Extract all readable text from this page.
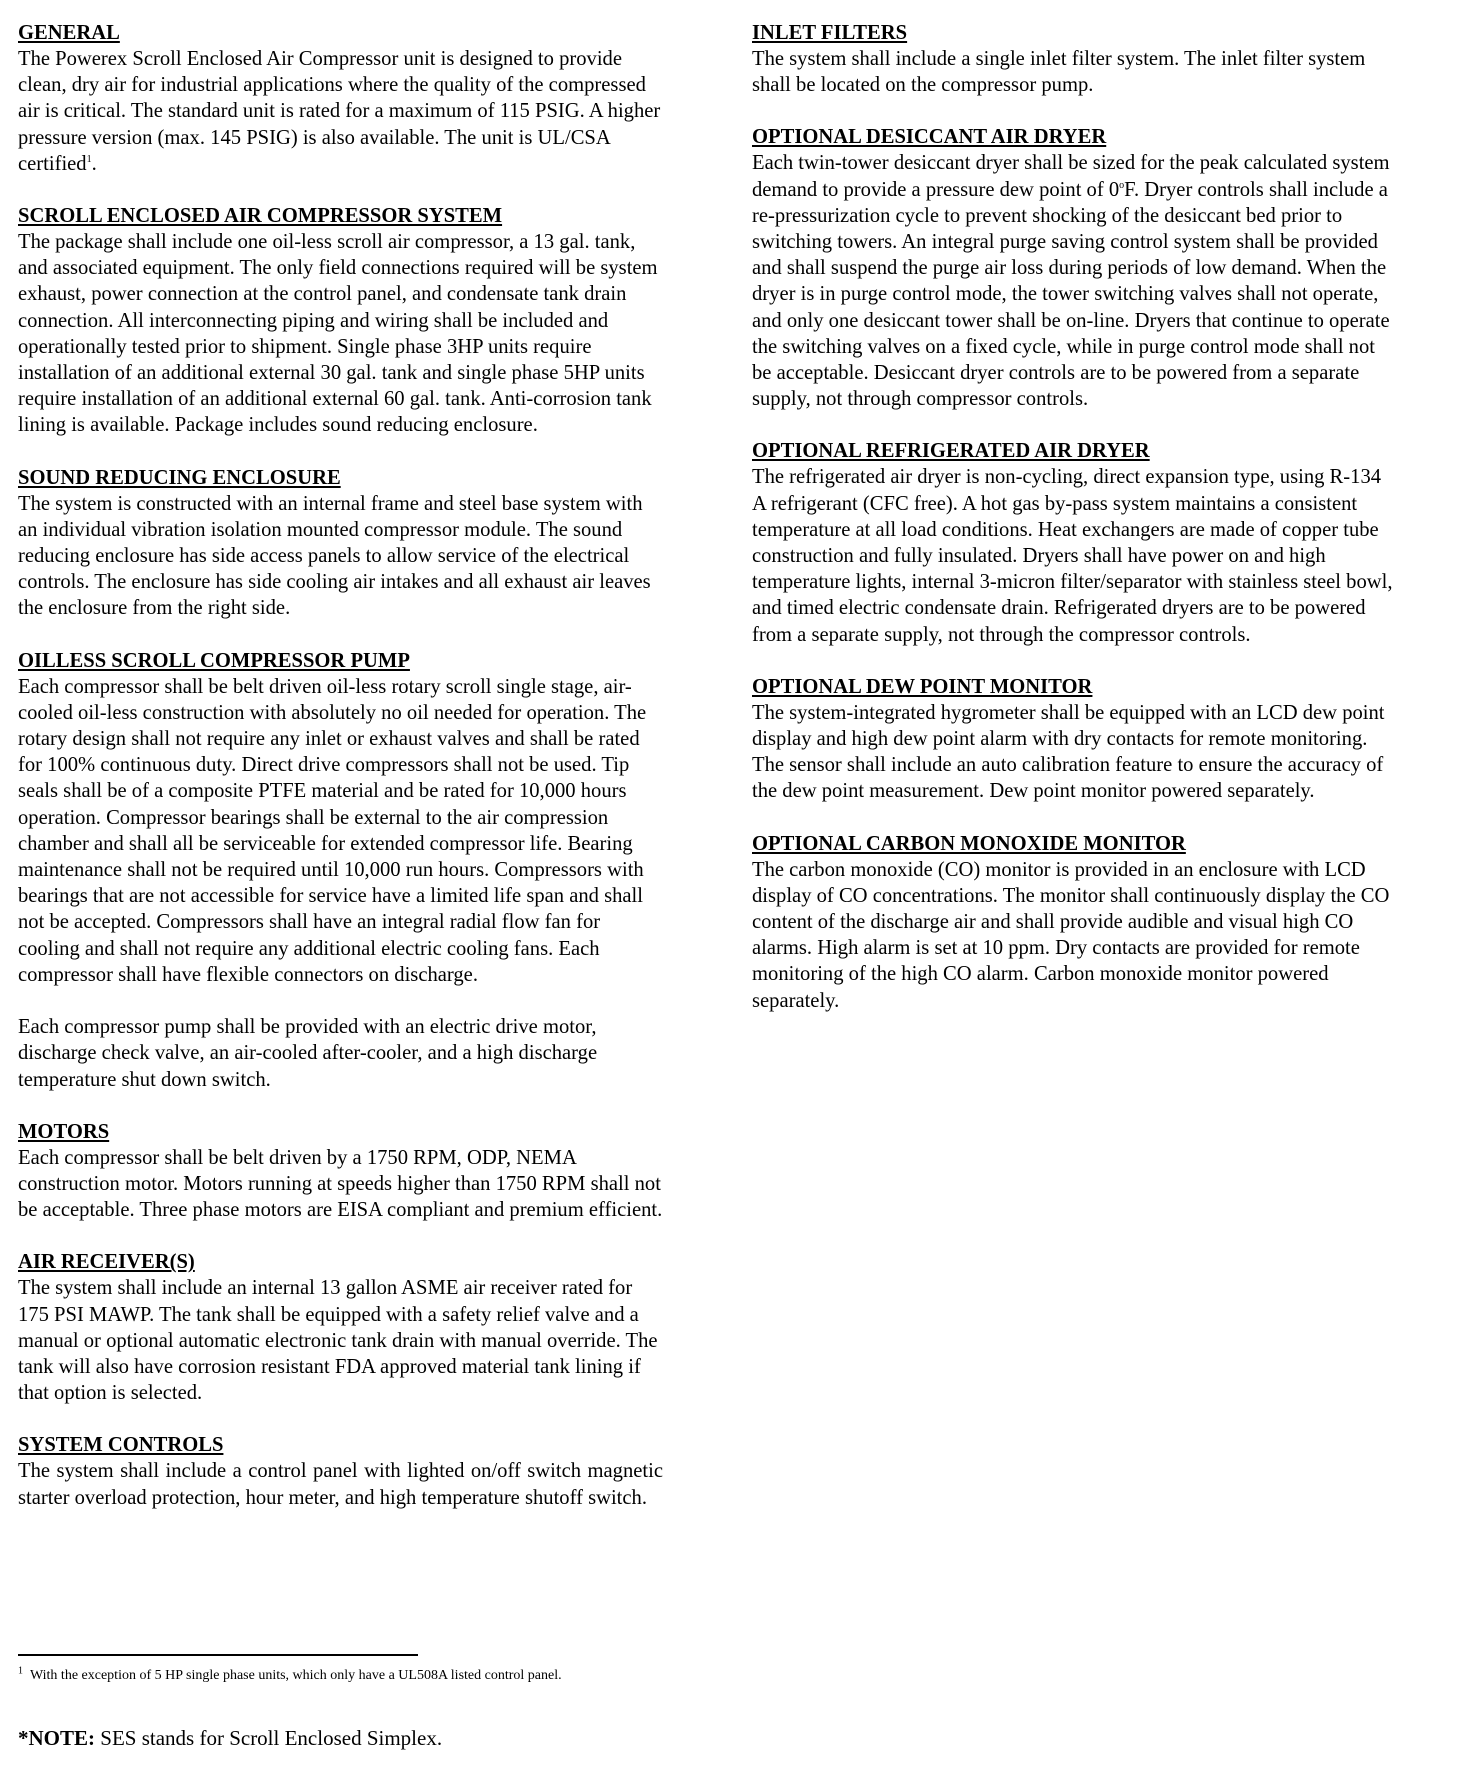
GENERAL

The Powerex Scroll Enclosed Air Compressor unit is designed to provide clean, dry air for industrial applications where the quality of the compressed air is critical. The standard unit is rated for a maximum of 115 PSIG. A higher pressure version (max. 145 PSIG) is also available. The unit is UL/CSA certified$^1$.

SCROLL ENCLOSED AIR COMPRESSOR SYSTEM

The package shall include one oil-less scroll air compressor, a 13 gal. tank, and associated equipment. The only field connections required will be system exhaust, power connection at the control panel, and condensate tank drain connection. All interconnecting piping and wiring shall be included and operationally tested prior to shipment. Single phase 3HP units require installation of an additional external 30 gal. tank and single phase 5HP units require installation of an additional external 60 gal. tank. Anti-corrosion tank lining is available. Package includes sound reducing enclosure.

SOUND REDUCING ENCLOSURE

The system is constructed with an internal frame and steel base system with an individual vibration isolation mounted compressor module. The sound reducing enclosure has side access panels to allow service of the electrical controls. The enclosure has side cooling air intakes and all exhaust air leaves the enclosure from the right side.

OILLESS SCROLL COMPRESSOR PUMP

Each compressor shall be belt driven oil-less rotary scroll single stage, air-cooled oil-less construction with absolutely no oil needed for operation. The rotary design shall not require any inlet or exhaust valves and shall be rated for 100% continuous duty. Direct drive compressors shall not be used. Tip seals shall be of a composite PTFE material and be rated for 10,000 hours operation. Compressor bearings shall be external to the air compression chamber and shall all be serviceable for extended compressor life. Bearing maintenance shall not be required until 10,000 run hours. Compressors with bearings that are not accessible for service have a limited life span and shall not be accepted. Compressors shall have an integral radial flow fan for cooling and shall not require any additional electric cooling fans. Each compressor shall have flexible connectors on discharge.

Each compressor pump shall be provided with an electric drive motor, discharge check valve, an air-cooled after-cooler, and a high discharge temperature shut down switch.

MOTORS

Each compressor shall be belt driven by a 1750 RPM, ODP, NEMA construction motor. Motors running at speeds higher than 1750 RPM shall not be acceptable. Three phase motors are EISA compliant and premium efficient.

AIR RECEIVER(S)

The system shall include an internal 13 gallon ASME air receiver rated for 175 PSI MAWP. The tank shall be equipped with a safety relief valve and a manual or optional automatic electronic tank drain with manual override. The tank will also have corrosion resistant FDA approved material tank lining if that option is selected.

SYSTEM CONTROLS

The system shall include a control panel with lighted on/off switch magnetic starter overload protection, hour meter, and high temperature shutoff switch.

INLET FILTERS

The system shall include a single inlet filter system. The inlet filter system shall be located on the compressor pump.

OPTIONAL DESICCANT AIR DRYER

Each twin-tower desiccant dryer shall be sized for the peak calculated system demand to provide a pressure dew point of 0$^o$F. Dryer controls shall include a re-pressurization cycle to prevent shocking of the desiccant bed prior to switching towers. An integral purge saving control system shall be provided and shall suspend the purge air loss during periods of low demand. When the dryer is in purge control mode, the tower switching valves shall not operate, and only one desiccant tower shall be on-line. Dryers that continue to operate the switching valves on a fixed cycle, while in purge control mode shall not be acceptable. Desiccant dryer controls are to be powered from a separate supply, not through compressor controls.

OPTIONAL REFRIGERATED AIR DRYER

The refrigerated air dryer is non-cycling, direct expansion type, using R-134 A refrigerant (CFC free). A hot gas by-pass system maintains a consistent temperature at all load conditions. Heat exchangers are made of copper tube construction and fully insulated. Dryers shall have power on and high temperature lights, internal 3-micron filter/separator with stainless steel bowl, and timed electric condensate drain. Refrigerated dryers are to be powered from a separate supply, not through the compressor controls.

OPTIONAL DEW POINT MONITOR

The system-integrated hygrometer shall be equipped with an LCD dew point display and high dew point alarm with dry contacts for remote monitoring. The sensor shall include an auto calibration feature to ensure the accuracy of the dew point measurement. Dew point monitor powered separately.

OPTIONAL CARBON MONOXIDE MONITOR

The carbon monoxide (CO) monitor is provided in an enclosure with LCD display of CO concentrations. The monitor shall continuously display the CO content of the discharge air and shall provide audible and visual high CO alarms. High alarm is set at 10 ppm. Dry contacts are provided for remote monitoring of the high CO alarm. Carbon monoxide monitor powered separately.

$^1$ With the exception of 5 HP single phase units, which only have a UL508A listed control panel.
*NOTE: SES stands for Scroll Enclosed Simplex.
